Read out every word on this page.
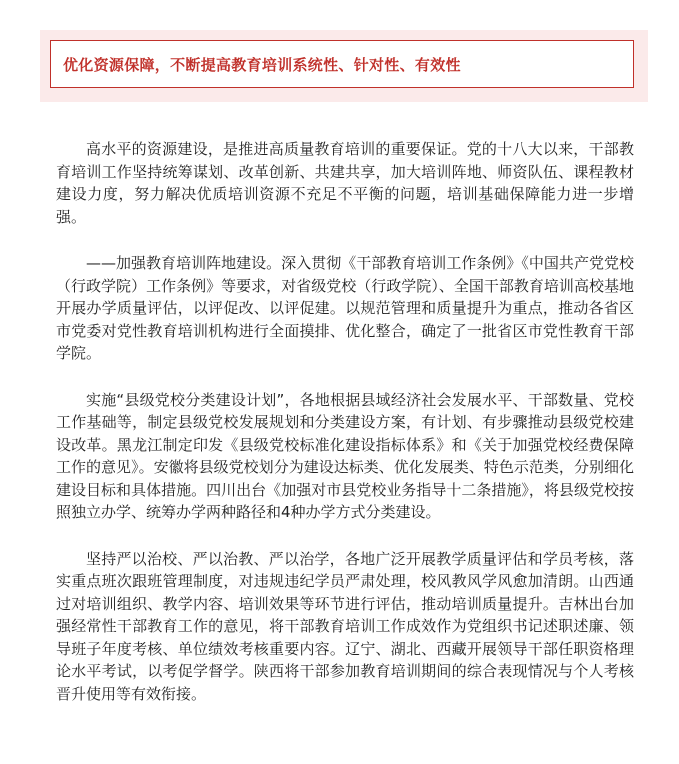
优化资源保障，不断提高教育培训系统性、针对性、有效性

高水平的资源建设，是推进高质量教育培训的重要保证。党的十八大以来，干部教育培训工作坚持统筹谋划、改革创新、共建共享，加大培训阵地、师资队伍、课程教材建设力度，努力解决优质培训资源不充足不平衡的问题，培训基础保障能力进一步增强。

——加强教育培训阵地建设。深入贯彻《干部教育培训工作条例》《中国共产党党校（行政学院）工作条例》等要求，对省级党校（行政学院）、全国干部教育培训高校基地开展办学质量评估，以评促改、以评促建。以规范管理和质量提升为重点，推动各省区市党委对党性教育培训机构进行全面摸排、优化整合，确定了一批省区市党性教育干部学院。

实施“县级党校分类建设计划”，各地根据县域经济社会发展水平、干部数量、党校工作基础等，制定县级党校发展规划和分类建设方案，有计划、有步骤推动县级党校建设改革。黑龙江制定印发《县级党校标准化建设指标体系》和《关于加强党校经费保障工作的意见》。安徽将县级党校划分为建设达标类、优化发展类、特色示范类，分别细化建设目标和具体措施。四川出台《加强对市县党校业务指导十二条措施》，将县级党校按照独立办学、统筹办学两种路径和4种办学方式分类建设。

坚持严以治校、严以治教、严以治学，各地广泛开展教学质量评估和学员考核，落实重点班次跟班管理制度，对违规违纪学员严肃处理，校风教风学风愈加清朗。山西通过对培训组织、教学内容、培训效果等环节进行评估，推动培训质量提升。吉林出台加强经常性干部教育工作的意见，将干部教育培训工作成效作为党组织书记述职述廉、领导班子年度考核、单位绩效考核重要内容。辽宁、湖北、西藏开展领导干部任职资格理论水平考试，以考促学督学。陕西将干部参加教育培训期间的综合表现情况与个人考核晋升使用等有效衔接。
